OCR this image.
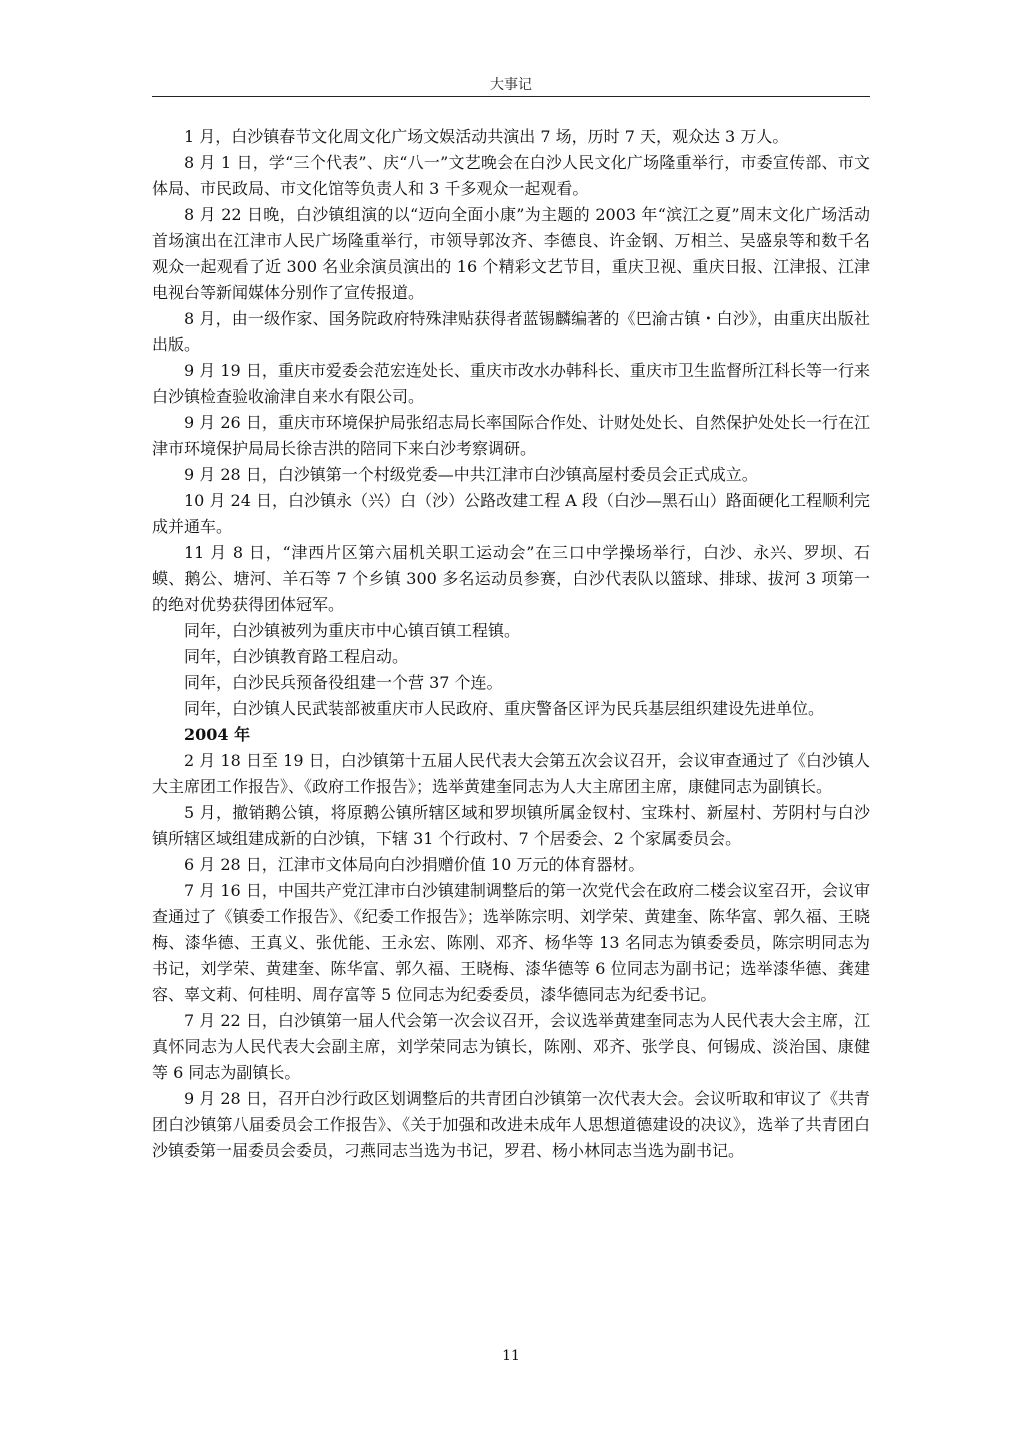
大事记

1 月，白沙镇春节文化周文化广场文娱活动共演出 7 场，历时 7 天，观众达 3 万人。

8 月 1 日，学“三个代表”、庆“八一”文艺晚会在白沙人民文化广场隆重举行，市委宣传部、市文体局、市民政局、市文化馆等负责人和 3 千多观众一起观看。

8 月 22 日晚，白沙镇组演的以“迈向全面小康”为主题的 2003 年“滨江之夏”周末文化广场活动首场演出在江津市人民广场隆重举行，市领导郭汝齐、李德良、许金钢、万相兰、吴盛泉等和数千名观众一起观看了近 300 名业余演员演出的 16 个精彩文艺节目，重庆卫视、重庆日报、江津报、江津电视台等新闻媒体分别作了宣传报道。

8 月，由一级作家、国务院政府特殊津贴获得者蓝锡麟编著的《巴渝古镇・白沙》，由重庆出版社出版。

9 月 19 日，重庆市爱委会范宏连处长、重庆市改水办韩科长、重庆市卫生监督所江科长等一行来白沙镇检查验收渝津自来水有限公司。

9 月 26 日，重庆市环境保护局张绍志局长率国际合作处、计财处处长、自然保护处处长一行在江津市环境保护局局长徐吉洪的陪同下来白沙考察调研。

9 月 28 日，白沙镇第一个村级党委—中共江津市白沙镇高屋村委员会正式成立。

10 月 24 日，白沙镇永（兴）白（沙）公路改建工程 A 段（白沙—黑石山）路面硬化工程顺利完成并通车。

11 月 8 日，“津西片区第六届机关职工运动会”在三口中学操场举行，白沙、永兴、罗坝、石蟆、鹅公、塘河、羊石等 7 个乡镇 300 多名运动员参赛，白沙代表队以篮球、排球、拔河 3 项第一的绝对优势获得团体冠军。

同年，白沙镇被列为重庆市中心镇百镇工程镇。

同年，白沙镇教育路工程启动。

同年，白沙民兵预备役组建一个营 37 个连。

同年，白沙镇人民武装部被重庆市人民政府、重庆警备区评为民兵基层组织建设先进单位。

2004 年

2 月 18 日至 19 日，白沙镇第十五届人民代表大会第五次会议召开，会议审查通过了《白沙镇人大主席团工作报告》、《政府工作报告》；选举黄建奎同志为人大主席团主席，康健同志为副镇长。

5 月，撤销鹅公镇，将原鹅公镇所辖区域和罗坝镇所属金钗村、宝珠村、新屋村、芳阴村与白沙镇所辖区域组建成新的白沙镇，下辖 31 个行政村、7 个居委会、2 个家属委员会。

6 月 28 日，江津市文体局向白沙捐赠价值 10 万元的体育器材。

7 月 16 日，中国共产党江津市白沙镇建制调整后的第一次党代会在政府二楼会议室召开，会议审查通过了《镇委工作报告》、《纪委工作报告》；选举陈宗明、刘学荣、黄建奎、陈华富、郭久福、王晓梅、漆华德、王真义、张优能、王永宏、陈刚、邓齐、杨华等 13 名同志为镇委委员，陈宗明同志为书记，刘学荣、黄建奎、陈华富、郭久福、王晓梅、漆华德等 6 位同志为副书记；选举漆华德、龚建容、辜文莉、何桂明、周存富等 5 位同志为纪委委员，漆华德同志为纪委书记。

7 月 22 日，白沙镇第一届人代会第一次会议召开，会议选举黄建奎同志为人民代表大会主席，江真怀同志为人民代表大会副主席，刘学荣同志为镇长，陈刚、邓齐、张学良、何锡成、淡治国、康健等 6 同志为副镇长。

9 月 28 日，召开白沙行政区划调整后的共青团白沙镇第一次代表大会。会议听取和审议了《共青团白沙镇第八届委员会工作报告》、《关于加强和改进未成年人思想道德建设的决议》，选举了共青团白沙镇委第一届委员会委员，刁燕同志当选为书记，罗君、杨小林同志当选为副书记。

11
